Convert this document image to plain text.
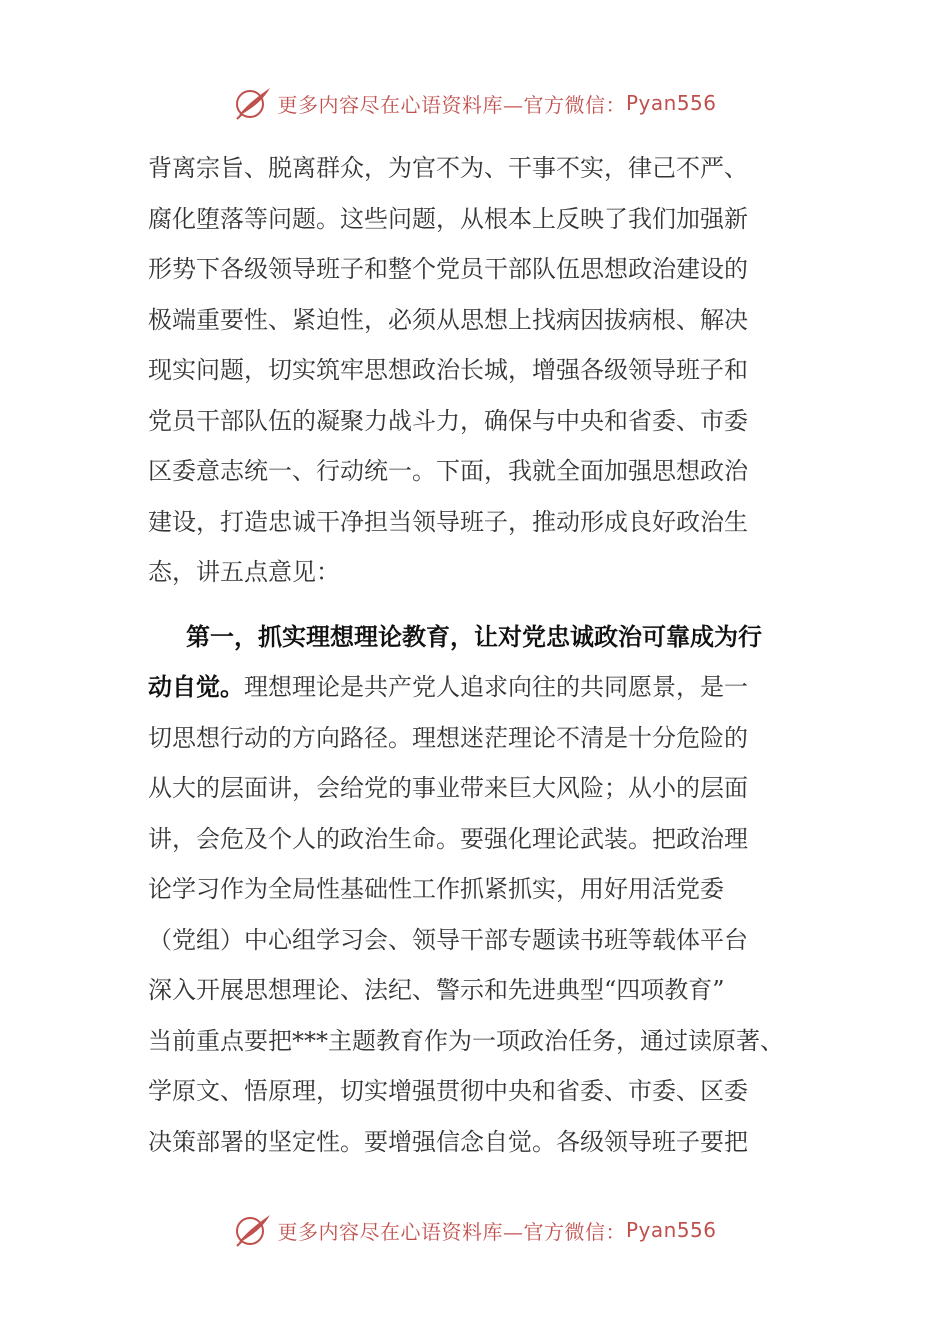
更多内容尽在心语资料库—官方微信： Pyan556
背离宗旨、脱离群众，为官不为、干事不实，律己不严、
腐化堕落等问题。这些问题，从根本上反映了我们加强新
形势下各级领导班子和整个党员干部队伍思想政治建设的
极端重要性、紧迫性，必须从思想上找病因拔病根、解决
现实问题，切实筑牢思想政治长城，增强各级领导班子和
党员干部队伍的凝聚力战斗力，确保与中央和省委、市委
区委意志统一、行动统一。下面，我就全面加强思想政治
建设，打造忠诚干净担当领导班子，推动形成良好政治生
态，讲五点意见：
第一，抓实理想理论教育，让对党忠诚政治可靠成为行
动自觉。理想理论是共产党人追求向往的共同愿景，是一
切思想行动的方向路径。理想迷茫理论不清是十分危险的
从大的层面讲，会给党的事业带来巨大风险；从小的层面
讲，会危及个人的政治生命。要强化理论武装。把政治理
论学习作为全局性基础性工作抓紧抓实，用好用活党委
（党组）中心组学习会、领导干部专题读书班等载体平台
深入开展思想理论、法纪、警示和先进典型“四项教育”
当前重点要把***主题教育作为一项政治任务，通过读原著、
学原文、悟原理，切实增强贯彻中央和省委、市委、区委
决策部署的坚定性。要增强信念自觉。各级领导班子要把
更多内容尽在心语资料库—官方微信： Pyan556
